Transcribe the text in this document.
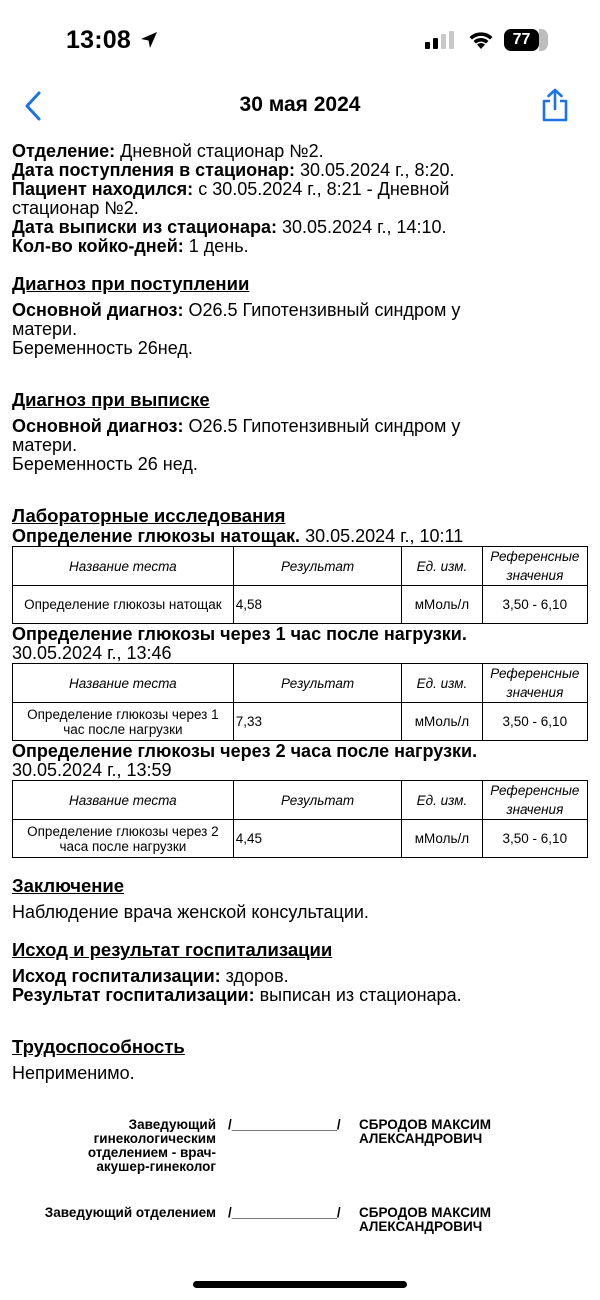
13:08	77
30 мая 2024
Отделение: Дневной стационар №2.
Дата поступления в стационар: 30.05.2024 г., 8:20.
Пациент находился: с 30.05.2024 г., 8:21 - Дневной
стационар №2.
Дата выписки из стационара: 30.05.2024 г., 14:10.
Кол-во койко-дней: 1 день.
Диагноз при поступлении
Основной диагноз: O26.5 Гипотензивный синдром у
матери.
Беременность 26нед.
Диагноз при выписке
Основной диагноз: O26.5 Гипотензивный синдром у
матери.
Беременность 26 нед.
Лабораторные исследования
Определение глюкозы натощак. 30.05.2024 г., 10:11
Название теста	Результат	Ед. изм.	Референсные значения
Определение глюкозы натощак	4,58	мМоль/л	3,50 - 6,10
Определение глюкозы через 1 час после нагрузки.
30.05.2024 г., 13:46
Название теста	Результат	Ед. изм.	Референсные значения
Определение глюкозы через 1 час после нагрузки	7,33	мМоль/л	3,50 - 6,10
Определение глюкозы через 2 часа после нагрузки.
30.05.2024 г., 13:59
Название теста	Результат	Ед. изм.	Референсные значения
Определение глюкозы через 2 часа после нагрузки	4,45	мМоль/л	3,50 - 6,10
Заключение
Наблюдение врача женской консультации.
Исход и результат госпитализации
Исход госпитализации: здоров.
Результат госпитализации: выписан из стационара.
Трудоспособность
Неприменимо.
Заведующий
гинекологическим
отделением - врач-
акушер-гинеколог
/______________/ СБРОДОВ МАКСИМ
АЛЕКСАНДРОВИЧ
Заведующий отделением /______________/ СБРОДОВ МАКСИМ
АЛЕКСАНДРОВИЧ
